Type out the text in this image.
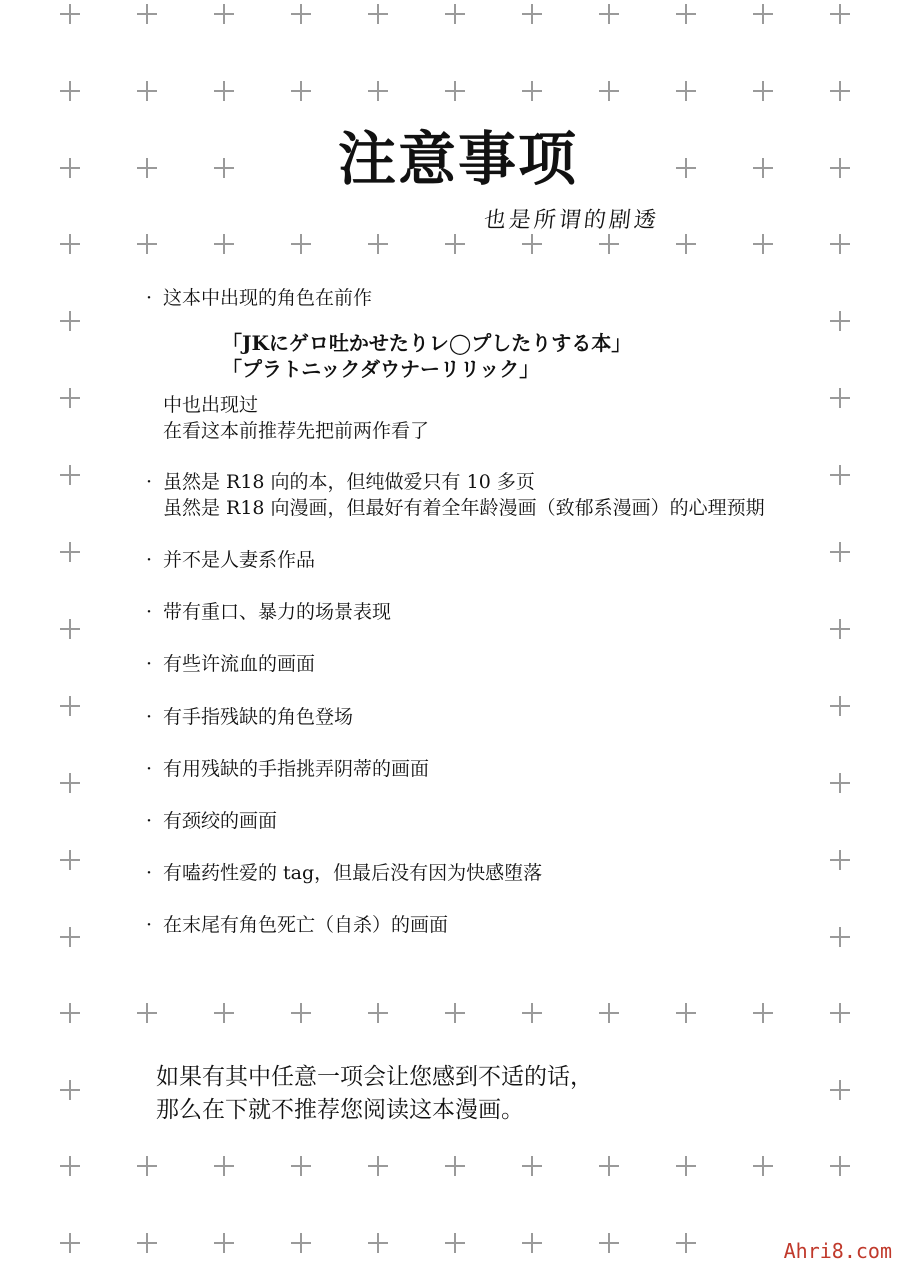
注意事项
也是所谓的剧透
· 这本中出现的角色在前作
「JKにゲロ吐かせたりレ◯プしたりする本」
「プラトニックダウナーリリック」
中也出现过
在看这本前推荐先把前两作看了
· 虽然是 R18 向的本，但纯做爱只有 10 多页
虽然是 R18 向漫画，但最好有着全年龄漫画（致郁系漫画）的心理预期
· 并不是人妻系作品
· 带有重口、暴力的场景表现
· 有些许流血的画面
· 有手指残缺的角色登场
· 有用残缺的手指挑弄阴蒂的画面
· 有颈绞的画面
· 有嗑药性爱的 tag，但最后没有因为快感堕落
· 在末尾有角色死亡（自杀）的画面
如果有其中任意一项会让您感到不适的话，
那么在下就不推荐您阅读这本漫画。
Ahri8.com
